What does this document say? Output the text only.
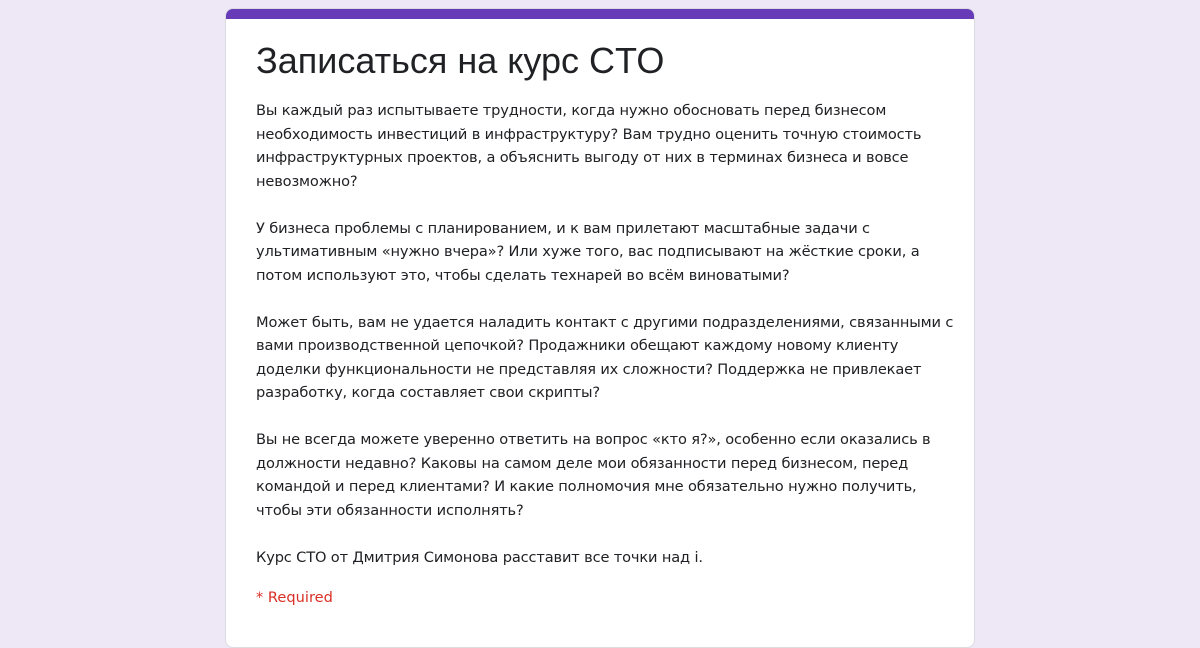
Записаться на курс CTO

Вы каждый раз испытываете трудности, когда нужно обосновать перед бизнесом необходимость инвестиций в инфраструктуру? Вам трудно оценить точную стоимость инфраструктурных проектов, а объяснить выгоду от них в терминах бизнеса и вовсе невозможно?

У бизнеса проблемы с планированием, и к вам прилетают масштабные задачи с ультимативным «нужно вчера»? Или хуже того, вас подписывают на жёсткие сроки, а потом используют это, чтобы сделать технарей во всём виноватыми?

Может быть, вам не удается наладить контакт с другими подразделениями, связанными с вами производственной цепочкой? Продажники обещают каждому новому клиенту доделки функциональности не представляя их сложности? Поддержка не привлекает разработку, когда составляет свои скрипты?

Вы не всегда можете уверенно ответить на вопрос «кто я?», особенно если оказались в должности недавно? Каковы на самом деле мои обязанности перед бизнесом, перед командой и перед клиентами? И какие полномочия мне обязательно нужно получить, чтобы эти обязанности исполнять?

Курс CTO от Дмитрия Симонова расставит все точки над i.

* Required
